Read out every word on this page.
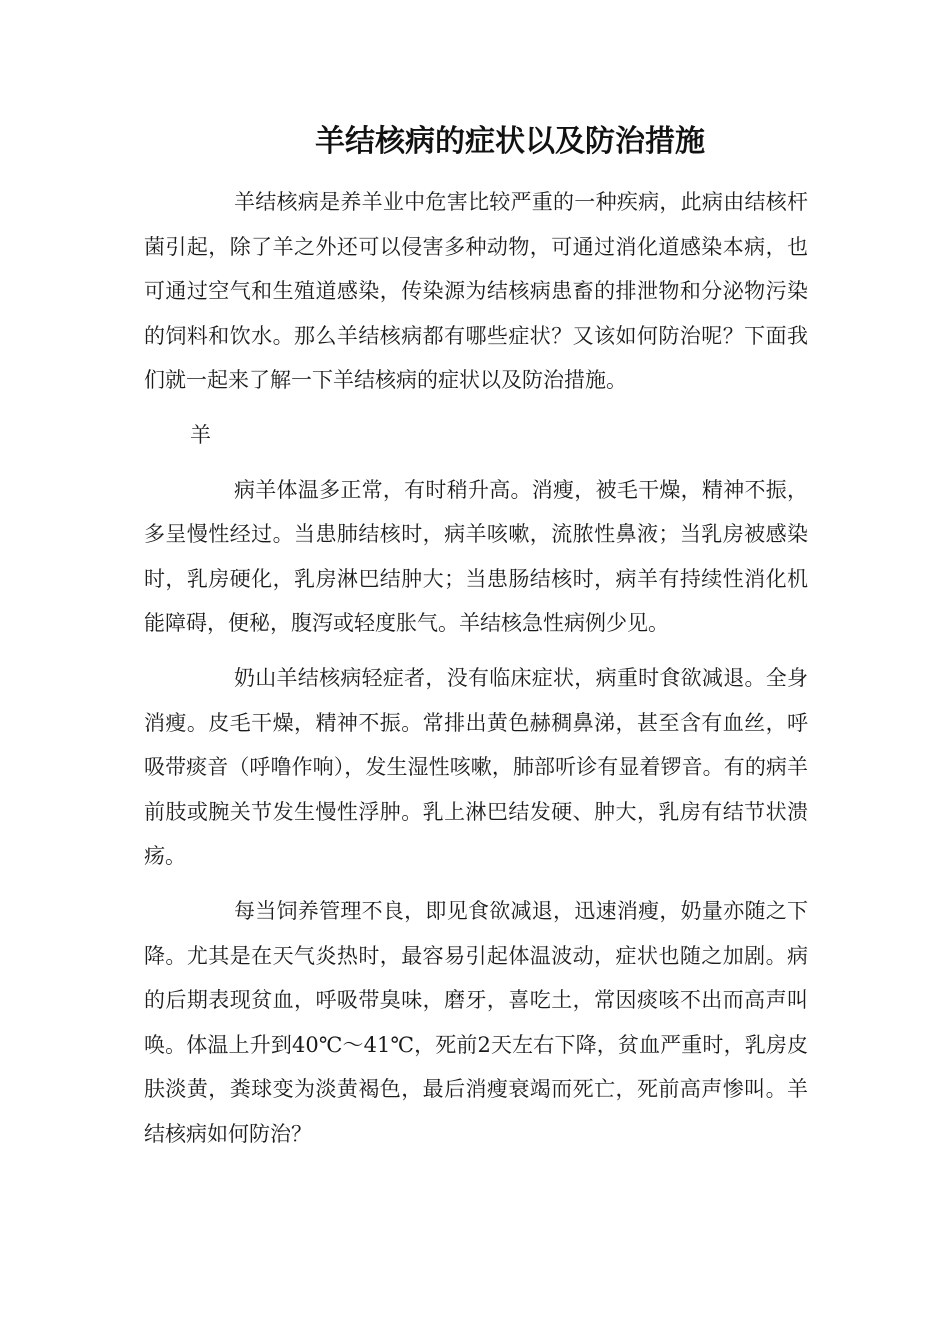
羊结核病的症状以及防治措施

羊结核病是养羊业中危害比较严重的一种疾病，此病由结核杆菌引起，除了羊之外还可以侵害多种动物，可通过消化道感染本病，也可通过空气和生殖道感染，传染源为结核病患畜的排泄物和分泌物污染的饲料和饮水。那么羊结核病都有哪些症状？又该如何防治呢？下面我们就一起来了解一下羊结核病的症状以及防治措施。

羊

病羊体温多正常，有时稍升高。消瘦，被毛干燥，精神不振，多呈慢性经过。当患肺结核时，病羊咳嗽，流脓性鼻液；当乳房被感染时，乳房硬化，乳房淋巴结肿大；当患肠结核时，病羊有持续性消化机能障碍，便秘，腹泻或轻度胀气。羊结核急性病例少见。

奶山羊结核病轻症者，没有临床症状，病重时食欲减退。全身消瘦。皮毛干燥，精神不振。常排出黄色赫稠鼻涕，甚至含有血丝，呼吸带痰音（呼噜作响），发生湿性咳嗽，肺部听诊有显着锣音。有的病羊前肢或腕关节发生慢性浮肿。乳上淋巴结发硬、肿大，乳房有结节状溃疡。

每当饲养管理不良，即见食欲减退，迅速消瘦，奶量亦随之下降。尤其是在天气炎热时，最容易引起体温波动，症状也随之加剧。病的后期表现贫血，呼吸带臭味，磨牙，喜吃土，常因痰咳不出而高声叫唤。体温上升到40℃～41℃，死前2天左右下降，贫血严重时，乳房皮肤淡黄，粪球变为淡黄褐色，最后消瘦衰竭而死亡，死前高声惨叫。羊结核病如何防治？
